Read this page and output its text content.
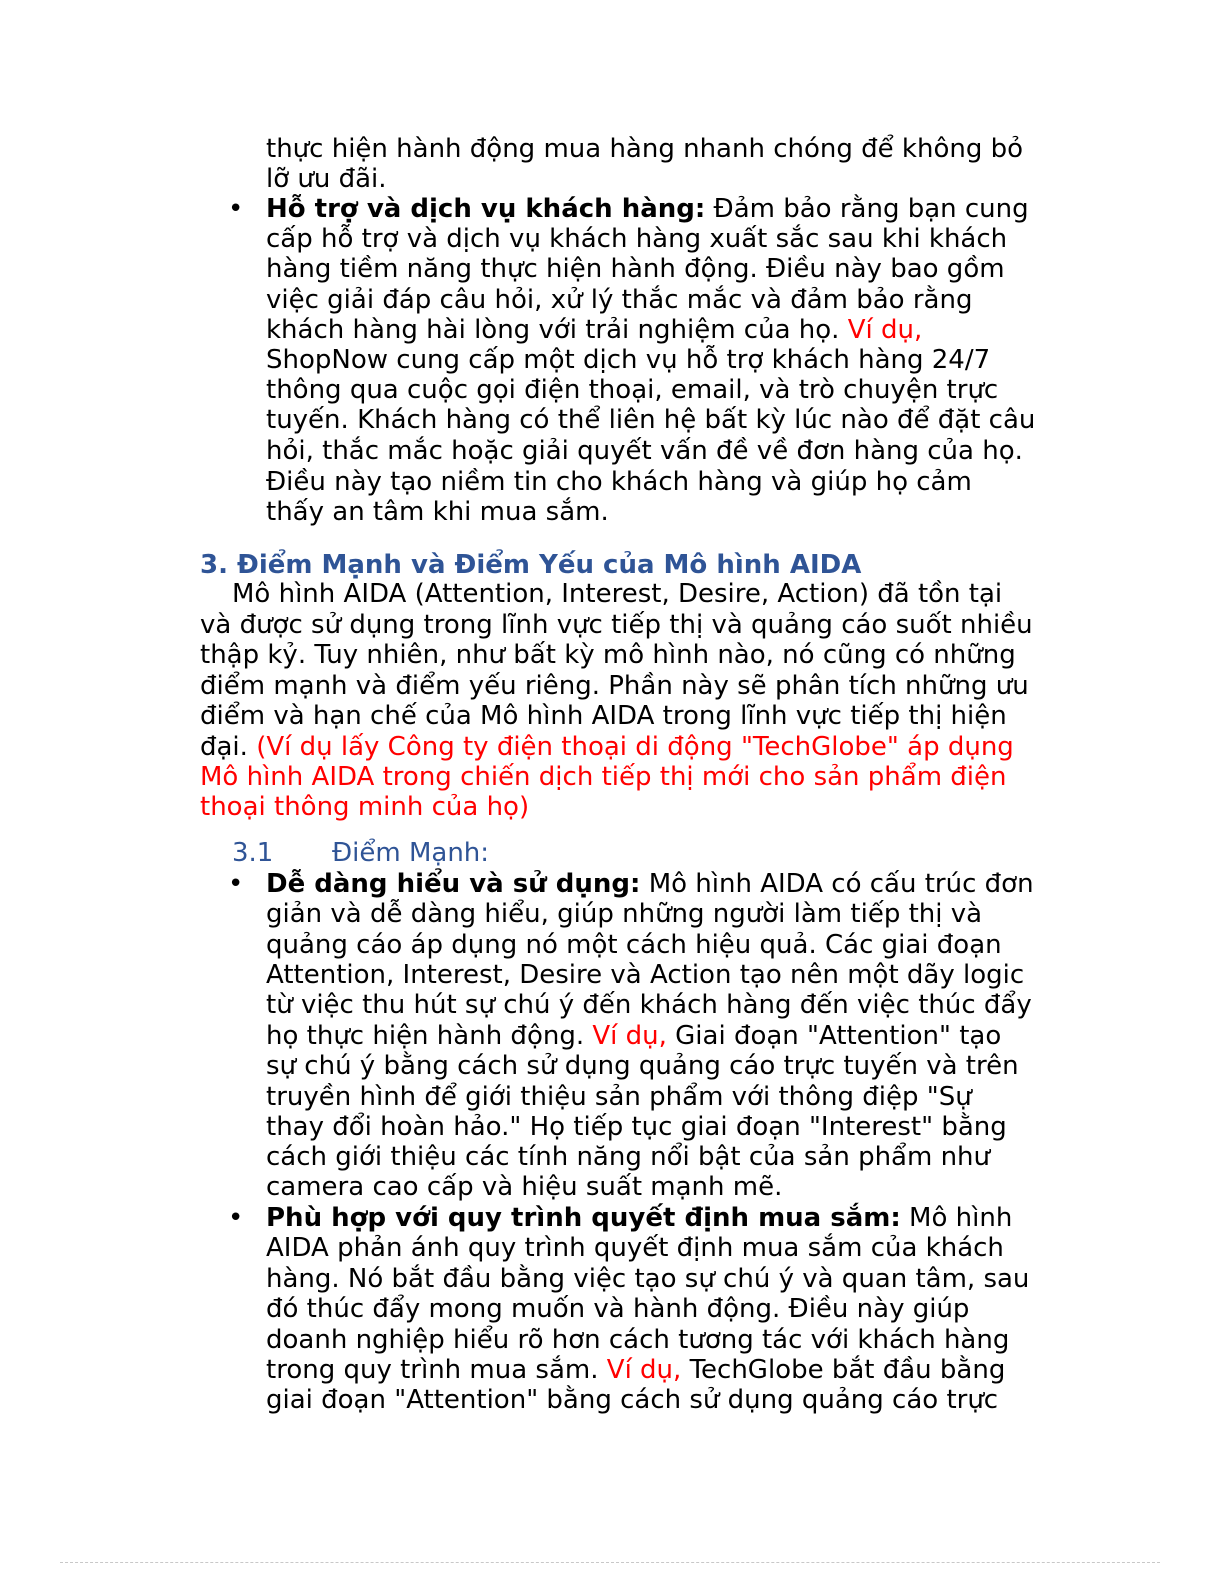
thực hiện hành động mua hàng nhanh chóng để không bỏ
lỡ ưu đãi.
• Hỗ trợ và dịch vụ khách hàng: Đảm bảo rằng bạn cung
cấp hỗ trợ và dịch vụ khách hàng xuất sắc sau khi khách
hàng tiềm năng thực hiện hành động. Điều này bao gồm
việc giải đáp câu hỏi, xử lý thắc mắc và đảm bảo rằng
khách hàng hài lòng với trải nghiệm của họ. Ví dụ,
ShopNow cung cấp một dịch vụ hỗ trợ khách hàng 24/7
thông qua cuộc gọi điện thoại, email, và trò chuyện trực
tuyến. Khách hàng có thể liên hệ bất kỳ lúc nào để đặt câu
hỏi, thắc mắc hoặc giải quyết vấn đề về đơn hàng của họ.
Điều này tạo niềm tin cho khách hàng và giúp họ cảm
thấy an tâm khi mua sắm.
3. Điểm Mạnh và Điểm Yếu của Mô hình AIDA
Mô hình AIDA (Attention, Interest, Desire, Action) đã tồn tại
và được sử dụng trong lĩnh vực tiếp thị và quảng cáo suốt nhiều
thập kỷ. Tuy nhiên, như bất kỳ mô hình nào, nó cũng có những
điểm mạnh và điểm yếu riêng. Phần này sẽ phân tích những ưu
điểm và hạn chế của Mô hình AIDA trong lĩnh vực tiếp thị hiện
đại. (Ví dụ lấy Công ty điện thoại di động "TechGlobe" áp dụng
Mô hình AIDA trong chiến dịch tiếp thị mới cho sản phẩm điện
thoại thông minh của họ)
3.1 Điểm Mạnh:
• Dễ dàng hiểu và sử dụng: Mô hình AIDA có cấu trúc đơn
giản và dễ dàng hiểu, giúp những người làm tiếp thị và
quảng cáo áp dụng nó một cách hiệu quả. Các giai đoạn
Attention, Interest, Desire và Action tạo nên một dãy logic
từ việc thu hút sự chú ý đến khách hàng đến việc thúc đẩy
họ thực hiện hành động. Ví dụ, Giai đoạn "Attention" tạo
sự chú ý bằng cách sử dụng quảng cáo trực tuyến và trên
truyền hình để giới thiệu sản phẩm với thông điệp "Sự
thay đổi hoàn hảo." Họ tiếp tục giai đoạn "Interest" bằng
cách giới thiệu các tính năng nổi bật của sản phẩm như
camera cao cấp và hiệu suất mạnh mẽ.
• Phù hợp với quy trình quyết định mua sắm: Mô hình
AIDA phản ánh quy trình quyết định mua sắm của khách
hàng. Nó bắt đầu bằng việc tạo sự chú ý và quan tâm, sau
đó thúc đẩy mong muốn và hành động. Điều này giúp
doanh nghiệp hiểu rõ hơn cách tương tác với khách hàng
trong quy trình mua sắm. Ví dụ, TechGlobe bắt đầu bằng
giai đoạn "Attention" bằng cách sử dụng quảng cáo trực
